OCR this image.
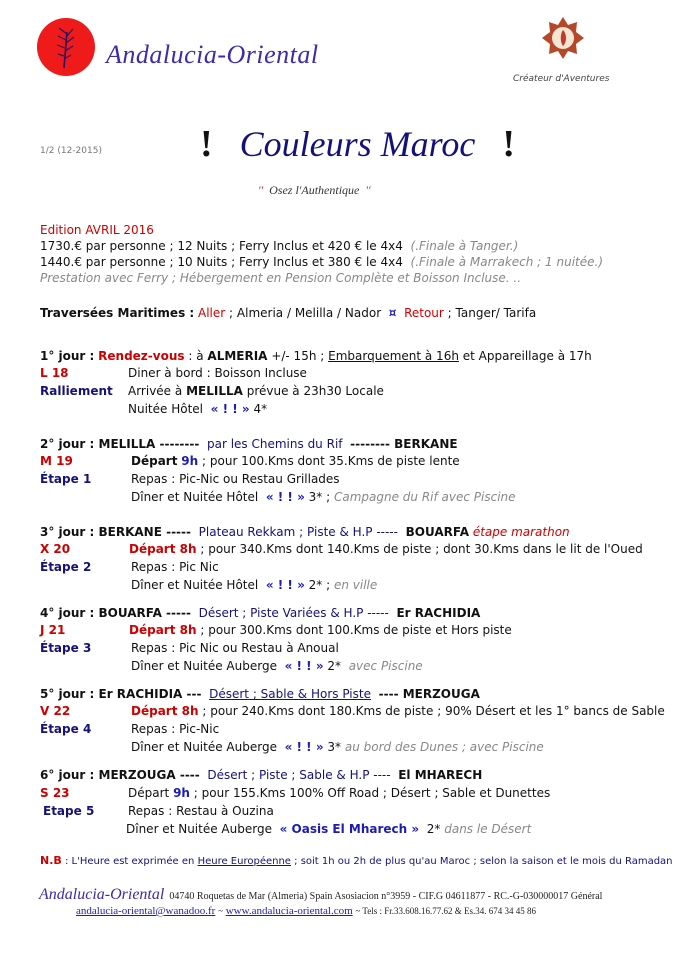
Andalucia-Oriental
Créateur d'Aventures
1/2 (12-2015)	! Couleurs Maroc !
'' Osez l'Authentique ''
Edition AVRIL 2016
1730.€ par personne ; 12 Nuits ; Ferry Inclus et 420 € le 4x4 (.Finale à Tanger.)
1440.€ par personne ; 10 Nuits ; Ferry Inclus et 380 € le 4x4 (.Finale à Marrakech ; 1 nuitée.)
Prestation avec Ferry ; Hébergement en Pension Complète et Boisson Incluse. ..
Traversées Maritimes : Aller ; Almeria / Melilla / Nador ¤ Retour ; Tanger/ Tarifa
1° jour : Rendez-vous : à ALMERIA +/- 15h ; Embarquement à 16h et Appareillage à 17h
L 18	Diner à bord : Boisson Incluse
Ralliement Arrivée à MELILLA prévue à 23h30 Locale
Nuitée Hôtel « ! ! » 4*
2° jour : MELILLA -------- par les Chemins du Rif -------- BERKANE
M 19	Départ 9h ; pour 100.Kms dont 35.Kms de piste lente
Étape 1	Repas : Pic-Nic ou Restau Grillades
Dîner et Nuitée Hôtel « ! ! » 3* ; Campagne du Rif avec Piscine
3° jour : BERKANE ----- Plateau Rekkam ; Piste & H.P ----- BOUARFA étape marathon
X 20	Départ 8h ; pour 340.Kms dont 140.Kms de piste ; dont 30.Kms dans le lit de l'Oued
Étape 2	Repas : Pic Nic
Dîner et Nuitée Hôtel « ! ! » 2* ; en ville
4° jour : BOUARFA ----- Désert ; Piste Variées & H.P ----- Er RACHIDIA
J 21	Départ 8h ; pour 300.Kms dont 100.Kms de piste et Hors piste
Étape 3	Repas : Pic Nic ou Restau à Anoual
Dîner et Nuitée Auberge « ! ! » 2* avec Piscine
5° jour : Er RACHIDIA --- Désert ; Sable & Hors Piste ---- MERZOUGA
V 22	Départ 8h ; pour 240.Kms dont 180.Kms de piste ; 90% Désert et les 1° bancs de Sable
Étape 4	Repas : Pic-Nic
Dîner et Nuitée Auberge « ! ! » 3* au bord des Dunes ; avec Piscine
6° jour : MERZOUGA ---- Désert ; Piste ; Sable & H.P ---- El MHARECH
S 23	Départ 9h ; pour 155.Kms 100% Off Road ; Désert ; Sable et Dunettes
Etape 5	Repas : Restau à Ouzina
Dîner et Nuitée Auberge « Oasis El Mharech » 2* dans le Désert
N.B : L'Heure est exprimée en Heure Européenne ; soit 1h ou 2h de plus qu'au Maroc ; selon la saison et le mois du Ramadan
Andalucia-Oriental 04740 Roquetas de Mar (Almeria) Spain Asosiacion n°3959 - CIF.G 04611877 - RC.-G-030000017 Général
andalucia-oriental@wanadoo.fr ~ www.andalucia-oriental.com ~ Tels : Fr.33.608.16.77.62 & Es.34. 674 34 45 86
